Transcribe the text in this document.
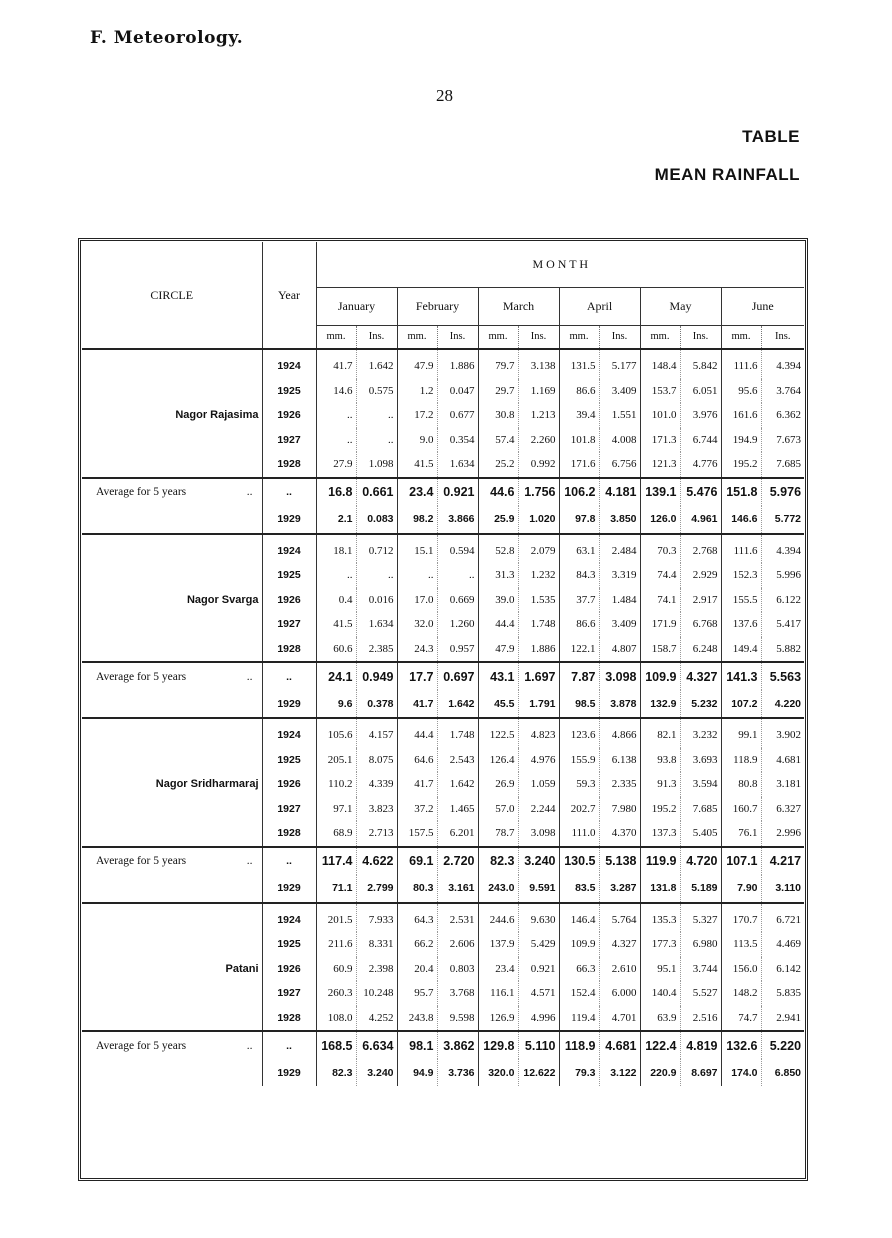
F. Meteorology.
28
TABLE
MEAN RAINFALL
CIRCLE	Year	M O N T H											
		January		February		March		April		May		June	
		mm.	Ins.	mm.	Ins.	mm.	Ins.	mm.	Ins.	mm.	Ins.	mm.	Ins.
Nagor Rajasima	1924	41.7	1.642	47.9	1.886	79.7	3.138	131.5	5.177	148.4	5.842	111.6	4.394
	1925	14.6	0.575	1.2	0.047	29.7	1.169	86.6	3.409	153.7	6.051	95.6	3.764
	1926	..	..	17.2	0.677	30.8	1.213	39.4	1.551	101.0	3.976	161.6	6.362
	1927	..	..	9.0	0.354	57.4	2.260	101.8	4.008	171.3	6.744	194.9	7.673
	1928	27.9	1.098	41.5	1.634	25.2	0.992	171.6	6.756	121.3	4.776	195.2	7.685
Average for 5 years ..	..	16.8	0.661	23.4	0.921	44.6	1.756	106.2	4.181	139.1	5.476	151.8	5.976
	1929	2.1	0.083	98.2	3.866	25.9	1.020	97.8	3.850	126.0	4.961	146.6	5.772
Nagor Svarga	1924	18.1	0.712	15.1	0.594	52.8	2.079	63.1	2.484	70.3	2.768	111.6	4.394
	1925	..	..	..	..	31.3	1.232	84.3	3.319	74.4	2.929	152.3	5.996
	1926	0.4	0.016	17.0	0.669	39.0	1.535	37.7	1.484	74.1	2.917	155.5	6.122
	1927	41.5	1.634	32.0	1.260	44.4	1.748	86.6	3.409	171.9	6.768	137.6	5.417
	1928	60.6	2.385	24.3	0.957	47.9	1.886	122.1	4.807	158.7	6.248	149.4	5.882
Average for 5 years ..	..	24.1	0.949	17.7	0.697	43.1	1.697	7.87	3.098	109.9	4.327	141.3	5.563
	1929	9.6	0.378	41.7	1.642	45.5	1.791	98.5	3.878	132.9	5.232	107.2	4.220
Nagor Sridharmaraj	1924	105.6	4.157	44.4	1.748	122.5	4.823	123.6	4.866	82.1	3.232	99.1	3.902
	1925	205.1	8.075	64.6	2.543	126.4	4.976	155.9	6.138	93.8	3.693	118.9	4.681
	1926	110.2	4.339	41.7	1.642	26.9	1.059	59.3	2.335	91.3	3.594	80.8	3.181
	1927	97.1	3.823	37.2	1.465	57.0	2.244	202.7	7.980	195.2	7.685	160.7	6.327
	1928	68.9	2.713	157.5	6.201	78.7	3.098	111.0	4.370	137.3	5.405	76.1	2.996
Average for 5 years ..	..	117.4	4.622	69.1	2.720	82.3	3.240	130.5	5.138	119.9	4.720	107.1	4.217
	1929	71.1	2.799	80.3	3.161	243.0	9.591	83.5	3.287	131.8	5.189	7.90	3.110
Patani	1924	201.5	7.933	64.3	2.531	244.6	9.630	146.4	5.764	135.3	5.327	170.7	6.721
	1925	211.6	8.331	66.2	2.606	137.9	5.429	109.9	4.327	177.3	6.980	113.5	4.469
	1926	60.9	2.398	20.4	0.803	23.4	0.921	66.3	2.610	95.1	3.744	156.0	6.142
	1927	260.3	10.248	95.7	3.768	116.1	4.571	152.4	6.000	140.4	5.527	148.2	5.835
	1928	108.0	4.252	243.8	9.598	126.9	4.996	119.4	4.701	63.9	2.516	74.7	2.941
Average for 5 years ..	..	168.5	6.634	98.1	3.862	129.8	5.110	118.9	4.681	122.4	4.819	132.6	5.220
	1929	82.3	3.240	94.9	3.736	320.0	12.622	79.3	3.122	220.9	8.697	174.0	6.850
